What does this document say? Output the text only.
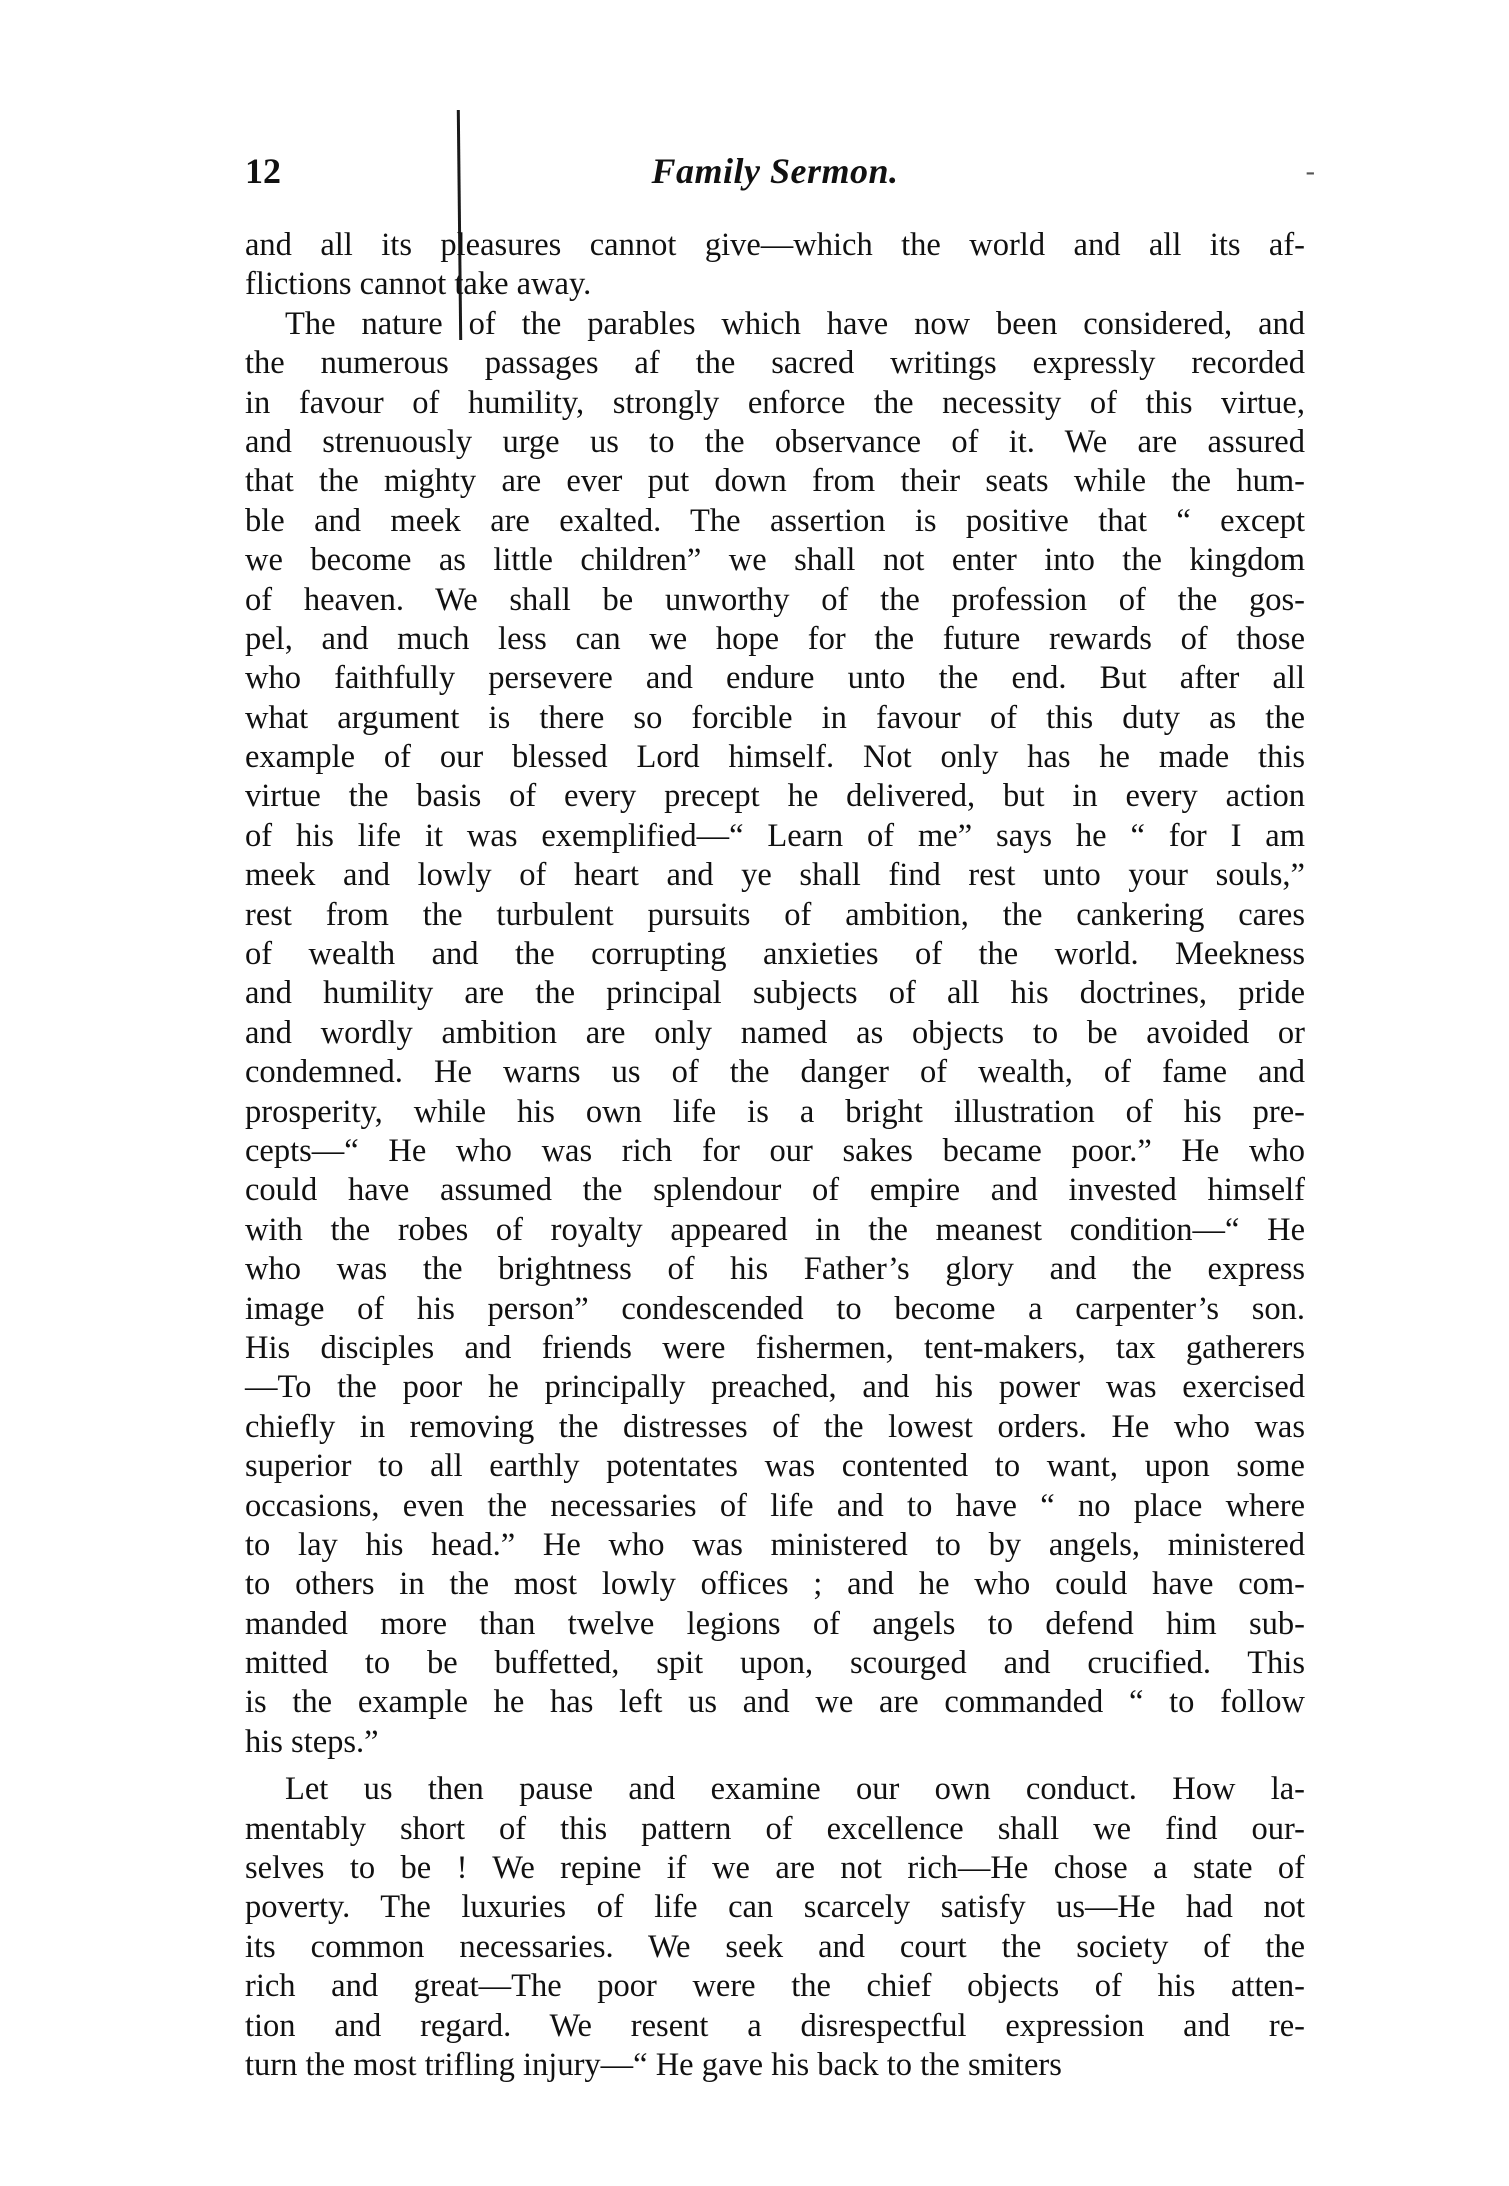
12	Family Sermon.	-
and all its pleasures cannot give—which the world and all its af-
flictions cannot take away.
The nature of the parables which have now been considered, and
the numerous passages af the sacred writings expressly recorded
in favour of humility, strongly enforce the necessity of this virtue,
and strenuously urge us to the observance of it. We are assured
that the mighty are ever put down from their seats while the hum-
ble and meek are exalted. The assertion is positive that “ except
we become as little children” we shall not enter into the kingdom
of heaven. We shall be unworthy of the profession of the gos-
pel, and much less can we hope for the future rewards of those
who faithfully persevere and endure unto the end. But after all
what argument is there so forcible in favour of this duty as the
example of our blessed Lord himself. Not only has he made this
virtue the basis of every precept he delivered, but in every action
of his life it was exemplified—“ Learn of me” says he “ for I am
meek and lowly of heart and ye shall find rest unto your souls,”
rest from the turbulent pursuits of ambition, the cankering cares
of wealth and the corrupting anxieties of the world. Meekness
and humility are the principal subjects of all his doctrines, pride
and wordly ambition are only named as objects to be avoided or
condemned. He warns us of the danger of wealth, of fame and
prosperity, while his own life is a bright illustration of his pre-
cepts—“ He who was rich for our sakes became poor.” He who
could have assumed the splendour of empire and invested himself
with the robes of royalty appeared in the meanest condition—“ He
who was the brightness of his Father’s glory and the express
image of his person” condescended to become a carpenter’s son.
His disciples and friends were fishermen, tent-makers, tax gatherers
—To the poor he principally preached, and his power was exercised
chiefly in removing the distresses of the lowest orders. He who was
superior to all earthly potentates was contented to want, upon some
occasions, even the necessaries of life and to have “ no place where
to lay his head.” He who was ministered to by angels, ministered
to others in the most lowly offices ; and he who could have com-
manded more than twelve legions of angels to defend him sub-
mitted to be buffetted, spit upon, scourged and crucified. This
is the example he has left us and we are commanded “ to follow
his steps.”
Let us then pause and examine our own conduct. How la-
mentably short of this pattern of excellence shall we find our-
selves to be ! We repine if we are not rich—He chose a state of
poverty. The luxuries of life can scarcely satisfy us—He had not
its common necessaries. We seek and court the society of the
rich and great—The poor were the chief objects of his atten-
tion and regard. We resent a disrespectful expression and re-
turn the most trifling injury—“ He gave his back to the smiters
